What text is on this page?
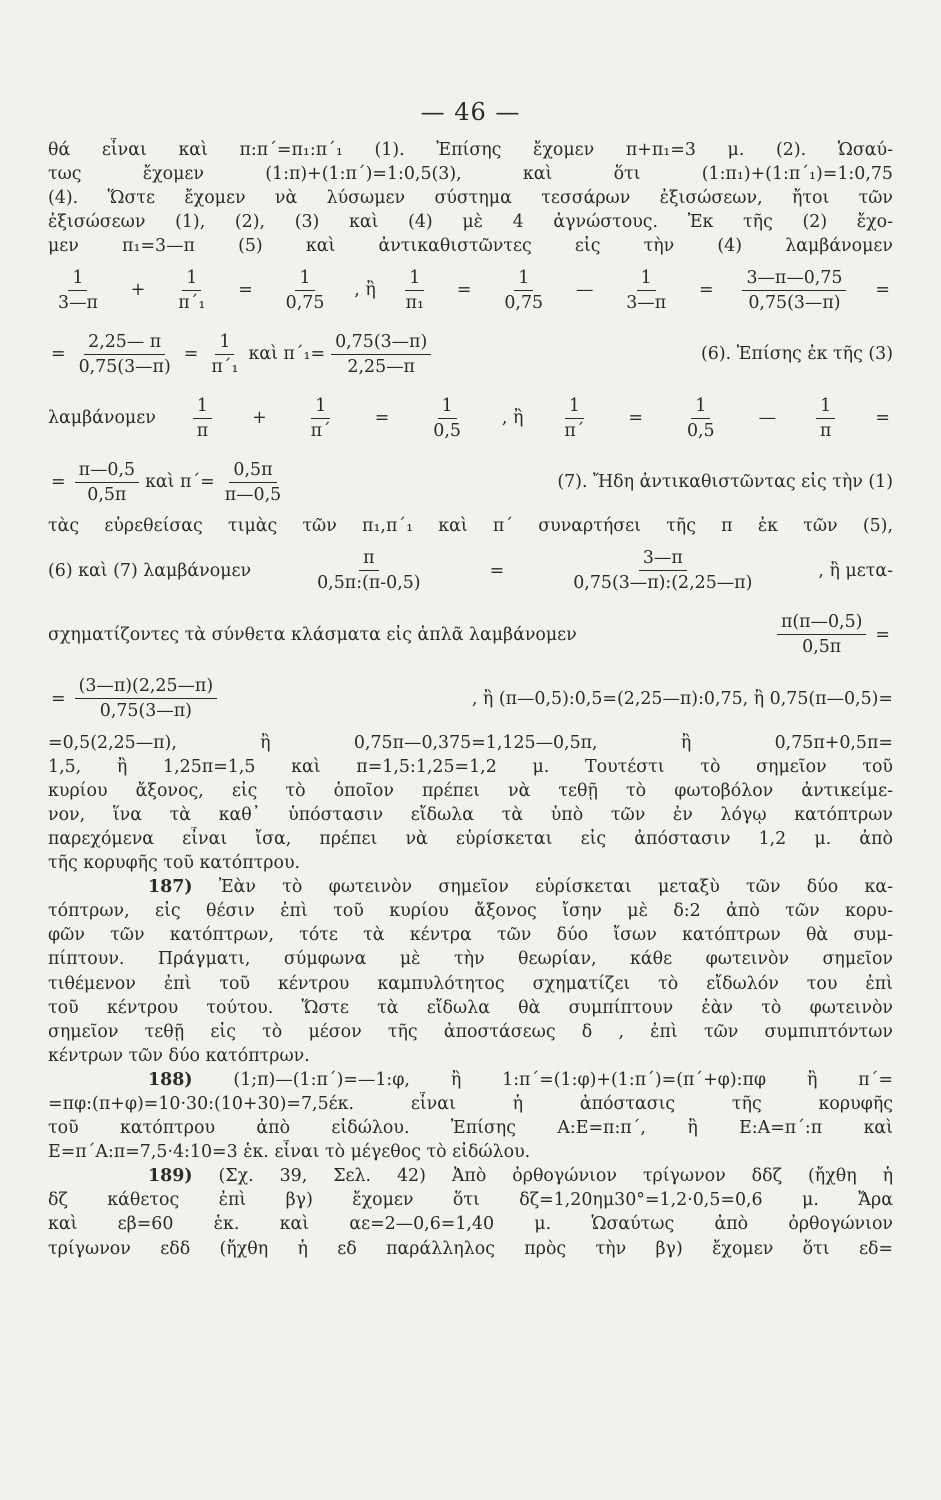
— 46 —
θά εἶναι καὶ π:π΄=π₁:π΄₁ (1). Ἐπίσης ἔχομεν π+π₁=3 μ. (2). Ὡσαύ-
τως ἔχομεν (1:π)+(1:π΄)=1:0,5(3), καὶ ὅτι (1:π₁)+(1:π΄₁)=1:0,75
(4). Ὥστε ἔχομεν νὰ λύσωμεν σύστημα τεσσάρων ἐξισώσεων, ἤτοι τῶν
ἐξισώσεων (1), (2), (3) καὶ (4) μὲ 4 ἀγνώστους. Ἐκ τῆς (2) ἔχο-
μεν π₁=3—π (5) καὶ ἀντικαθιστῶντες εἰς τὴν (4) λαμβάνομεν
$\frac{1}{3—\pi} + \frac{1}{\text{π΄₁}} = \frac{1}{0,75}$ , ἢ $\frac{1}{\text{π₁}} = \frac{1}{0,75}$ — $\frac{1}{3—\pi} = \frac{3—\pi—0,75}{0,75(3—\pi)}$ =
= $\frac{2,25— \pi}{0,75(3—\pi)} = \frac{1}{\text{π΄₁}}$ καὶ $\pi΄_1= \frac{0,75(3—\pi)}{2,25—\pi}$	(6). Ἐπίσης ἐκ τῆς (3)
λαμβάνομεν $\frac{1}{\pi} + \frac{1}{\pi΄} = \frac{1}{0,5}$ , ἢ $\frac{1}{\pi΄} = \frac{1}{0,5}$ — $\frac{1}{\pi}$ =
= $\frac{\pi—0,5}{0,5\pi}$ καὶ $\pi΄= \frac{0,5\pi}{\pi—0,5}$	(7). Ἤδη ἀντικαθιστῶντας εἰς τὴν (1)
τὰς εὑρεθείσας τιμὰς τῶν π₁,π΄₁ καὶ π΄ συναρτήσει τῆς π ἐκ τῶν (5),
(6) καὶ (7) λαμβάνομεν	$\frac{\pi}{0,5\pi:(\pi-0,5)}$	=	$\frac{3—\pi}{0,75(3—\pi):(2,25—\pi)}$	, ἢ μετα-
σχηματίζοντες τὰ σύνθετα κλάσματα εἰς ἁπλᾶ λαμβάνομεν	$\frac{\pi(\pi—0,5)}{0,5\pi}$ =
= $\frac{(3—\pi)(2,25—\pi)}{0,75(3—\pi)}$	, ἢ (π—0,5):0,5=(2,25—π):0,75, ἢ 0,75(π—0,5)=
=0,5(2,25—π), ἢ 0,75π—0,375=1,125—0,5π, ἢ 0,75π+0,5π=
1,5, ἢ 1,25π=1,5 καὶ π=1,5:1,25=1,2 μ. Τουτέστι τὸ σημεῖον τοῦ
κυρίου ἄξονος, εἰς τὸ ὁποῖον πρέπει νὰ τεθῇ τὸ φωτοβόλον ἀντικείμε-
νον, ἵνα τὰ καθ᾽ ὑπόστασιν εἴδωλα τὰ ὑπὸ τῶν ἐν λόγῳ κατόπτρων
παρεχόμενα εἶναι ἴσα, πρέπει νὰ εὑρίσκεται εἰς ἀπόστασιν 1,2 μ. ἀπὸ
τῆς κορυφῆς τοῦ κατόπτρου.
187) Ἐὰν τὸ φωτεινὸν σημεῖον εὑρίσκεται μεταξὺ τῶν δύο κα-
τόπτρων, εἰς θέσιν ἐπὶ τοῦ κυρίου ἄξονος ἴσην μὲ δ:2 ἀπὸ τῶν κορυ-
φῶν τῶν κατόπτρων, τότε τὰ κέντρα τῶν δύο ἴσων κατόπτρων θὰ συμ-
πίπτουν. Πράγματι, σύμφωνα μὲ τὴν θεωρίαν, κάθε φωτεινὸν σημεῖον
τιθέμενον ἐπὶ τοῦ κέντρου καμπυλότητος σχηματίζει τὸ εἴδωλόν του ἐπὶ
τοῦ κέντρου τούτου. Ὥστε τὰ εἴδωλα θὰ συμπίπτουν ἐὰν τὸ φωτεινὸν
σημεῖον τεθῇ εἰς τὸ μέσον τῆς ἀποστάσεως δ , ἐπὶ τῶν συμπιπτόντων
κέντρων τῶν δύο κατόπτρων.
188) (1;π)—(1:π΄)=—1:φ, ἢ 1:π΄=(1:φ)+(1:π΄)=(π΄+φ):πφ ἢ π΄=
=πφ:(π+φ)=10·30:(10+30)=7,5έκ. εἶναι ἡ ἀπόστασις τῆς κορυφῆς
τοῦ κατόπτρου ἀπὸ εἰδώλου. Ἐπίσης Α:Ε=π:π΄, ἢ Ε:Α=π΄:π καὶ
Ε=π΄Α:π=7,5·4:10=3 ἑκ. εἶναι τὸ μέγεθος τὸ εἰδώλου.
189) (Σχ. 39, Σελ. 42) Ἀπὸ ὀρθογώνιον τρίγωνον δδζ (ἤχθη ἡ
δζ κάθετος ἐπὶ βγ) ἔχομεν ὅτι δζ=1,20ημ30°=1,2·0,5=0,6 μ. Ἄρα
καὶ εβ=60 ἑκ. καὶ αε=2—0,6=1,40 μ. Ὡσαύτως ἀπὸ ὀρθογώνιον
τρίγωνον εδδ (ἤχθη ἡ εδ παράλληλος πρὸς τὴν βγ) ἔχομεν ὅτι εδ=
